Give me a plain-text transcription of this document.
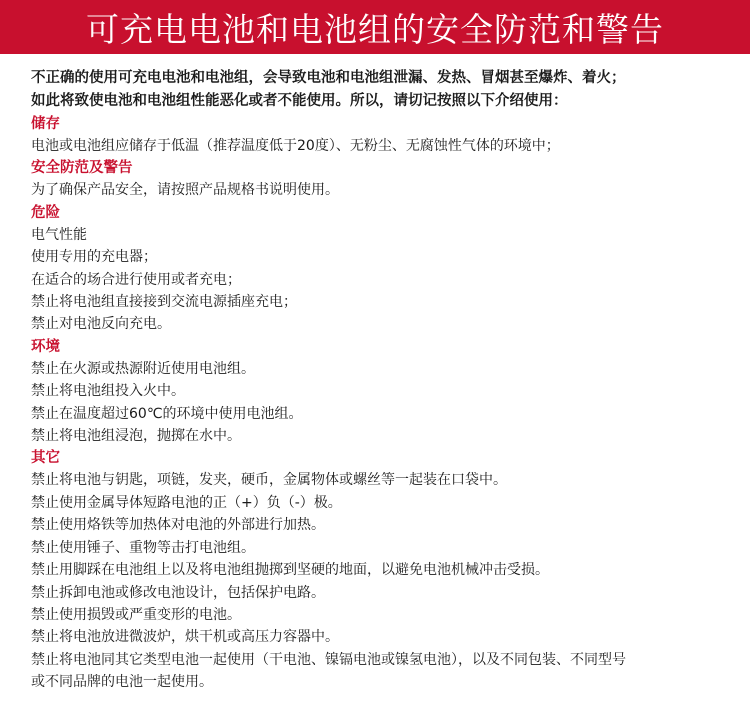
可充电电池和电池组的安全防范和警告
不正确的使用可充电电池和电池组，会导致电池和电池组泄漏、发热、冒烟甚至爆炸、着火；
如此将致使电池和电池组性能恶化或者不能使用。所以，请切记按照以下介绍使用：
储存
电池或电池组应储存于低温（推荐温度低于20度）、无粉尘、无腐蚀性气体的环境中；
安全防范及警告
为了确保产品安全，请按照产品规格书说明使用。
危险
电气性能
使用专用的充电器；
在适合的场合进行使用或者充电；
禁止将电池组直接接到交流电源插座充电；
禁止对电池反向充电。
环境
禁止在火源或热源附近使用电池组。
禁止将电池组投入火中。
禁止在温度超过60℃的环境中使用电池组。
禁止将电池组浸泡，抛掷在水中。
其它
禁止将电池与钥匙，项链，发夹，硬币，金属物体或螺丝等一起装在口袋中。
禁止使用金属导体短路电池的正（+）负（-）极。
禁止使用烙铁等加热体对电池的外部进行加热。
禁止使用锤子、重物等击打电池组。
禁止用脚踩在电池组上以及将电池组抛掷到坚硬的地面，以避免电池机械冲击受损。
禁止拆卸电池或修改电池设计，包括保护电路。
禁止使用损毁或严重变形的电池。
禁止将电池放进微波炉，烘干机或高压力容器中。
禁止将电池同其它类型电池一起使用（干电池、镍镉电池或镍氢电池），以及不同包装、不同型号
或不同品牌的电池一起使用。
